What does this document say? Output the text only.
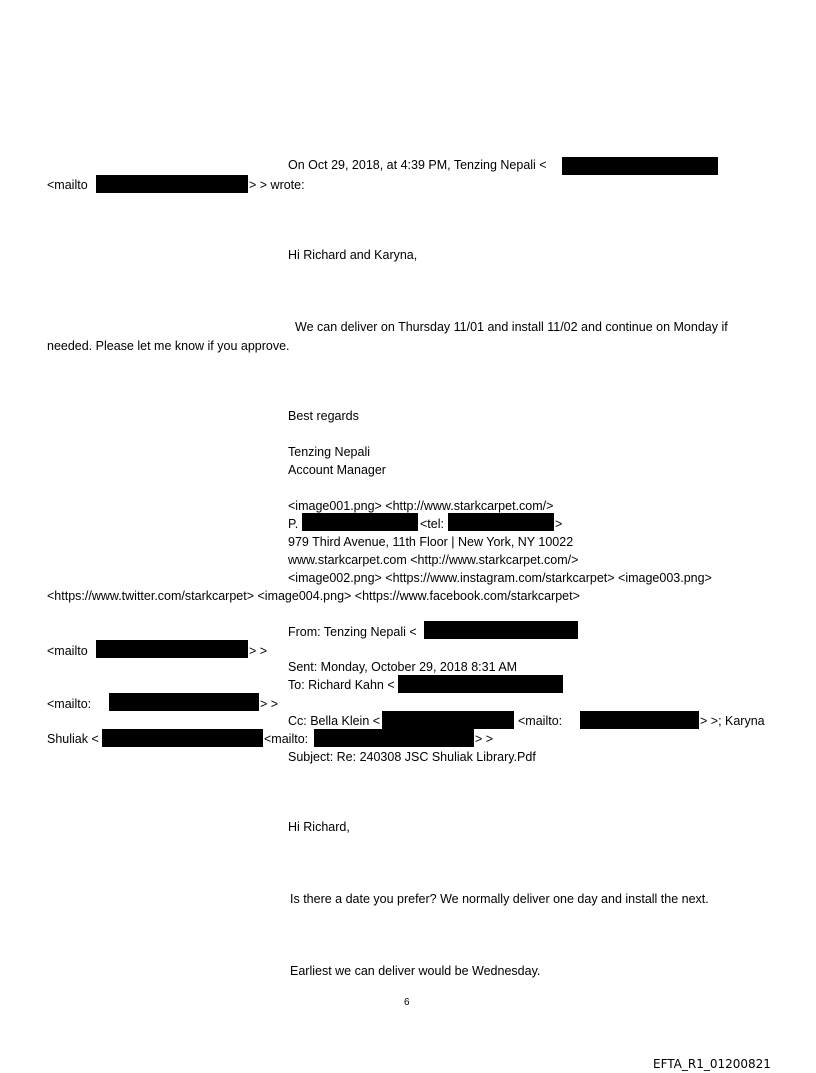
On Oct 29, 2018, at 4:39 PM, Tenzing Nepali <
<mailto	> > wrote:
Hi Richard and Karyna,
We can deliver on Thursday 11/01 and install 11/02 and continue on Monday if
needed. Please let me know if you approve.
Best regards
Tenzing Nepali
Account Manager
<image001.png> <http://www.starkcarpet.com/>
P.	<tel:	>
979 Third Avenue, 11th Floor | New York, NY 10022
www.starkcarpet.com <http://www.starkcarpet.com/>
<image002.png> <https://www.instagram.com/starkcarpet> <image003.png>
<https://www.twitter.com/starkcarpet> <image004.png> <https://www.facebook.com/starkcarpet>
From: Tenzing Nepali <
<mailto	> >
Sent: Monday, October 29, 2018 8:31 AM
To: Richard Kahn <
<mailto:	> >
Cc: Bella Klein <	<mailto:	> >; Karyna
Shuliak <	<mailto:	> >
Subject: Re: 240308 JSC Shuliak Library.Pdf
Hi Richard,
Is there a date you prefer? We normally deliver one day and install the next.
Earliest we can deliver would be Wednesday.
6
EFTA_R1_01200821
